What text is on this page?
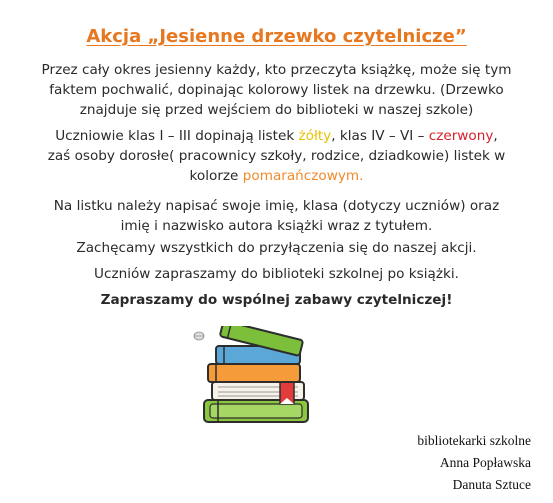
Akcja „Jesienne drzewko czytelnicze”
Przez cały okres jesienny każdy, kto przeczyta książkę, może się tym
faktem pochwalić, dopinając kolorowy listek na drzewku. (Drzewko
znajduje się przed wejściem do biblioteki w naszej szkole)
Uczniowie klas I – III dopinają listek żółty, klas IV – VI – czerwony,
zaś osoby dorosłe( pracownicy szkoły, rodzice, dziadkowie) listek w
kolorze pomarańczowym.
Na listku należy napisać swoje imię, klasa (dotyczy uczniów) oraz
imię i nazwisko autora książki wraz z tytułem.
Zachęcamy wszystkich do przyłączenia się do naszej akcji.
Uczniów zapraszamy do biblioteki szkolnej po książki.
Zapraszamy do wspólnej zabawy czytelniczej!
bibliotekarki szkolne
Anna Popławska
Danuta Sztuce
